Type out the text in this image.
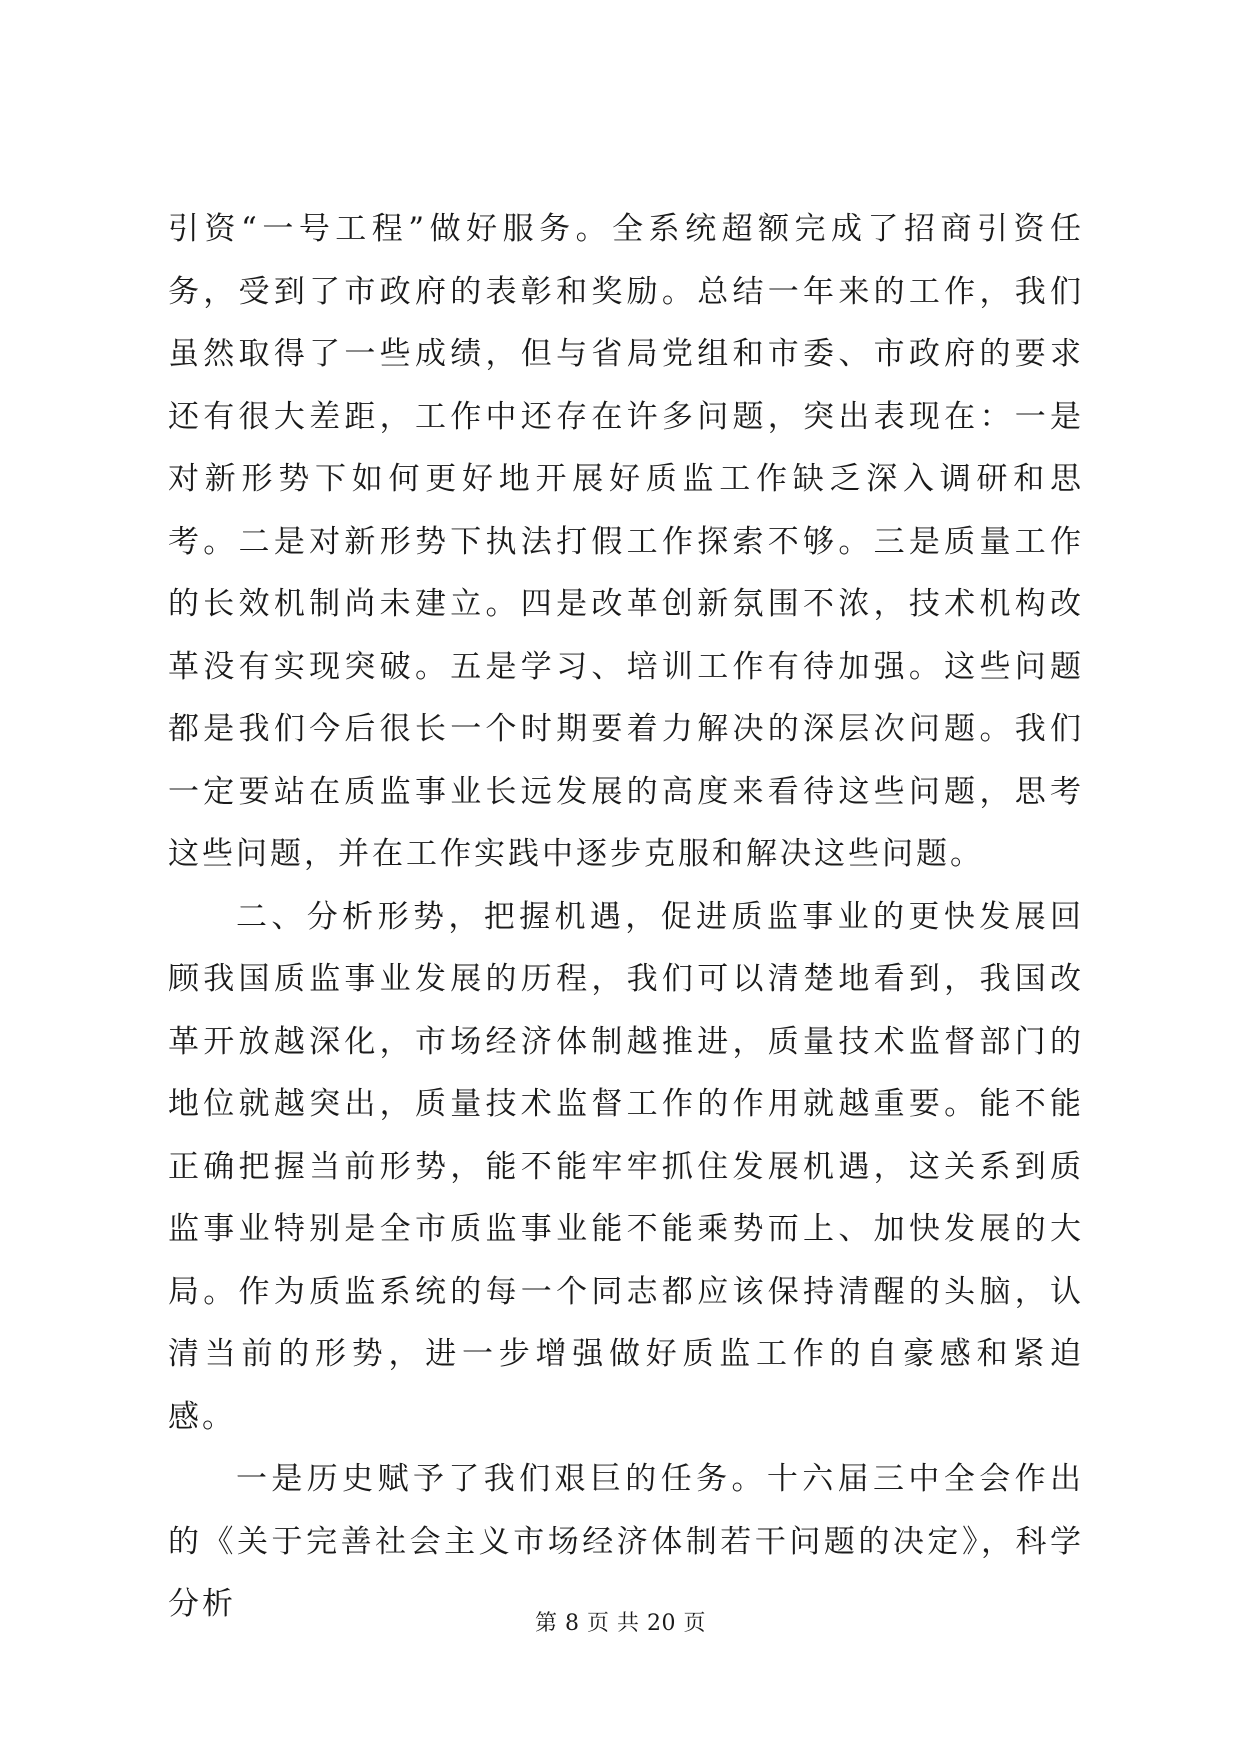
引资“一号工程”做好服务。全系统超额完成了招商引资任务，受到了市政府的表彰和奖励。总结一年来的工作，我们虽然取得了一些成绩，但与省局党组和市委、市政府的要求还有很大差距，工作中还存在许多问题，突出表现在：一是对新形势下如何更好地开展好质监工作缺乏深入调研和思考。二是对新形势下执法打假工作探索不够。三是质量工作的长效机制尚未建立。四是改革创新氛围不浓，技术机构改革没有实现突破。五是学习、培训工作有待加强。这些问题都是我们今后很长一个时期要着力解决的深层次问题。我们一定要站在质监事业长远发展的高度来看待这些问题，思考这些问题，并在工作实践中逐步克服和解决这些问题。

二、分析形势，把握机遇，促进质监事业的更快发展回顾我国质监事业发展的历程，我们可以清楚地看到，我国改革开放越深化，市场经济体制越推进，质量技术监督部门的地位就越突出，质量技术监督工作的作用就越重要。能不能正确把握当前形势，能不能牢牢抓住发展机遇，这关系到质监事业特别是全市质监事业能不能乘势而上、加快发展的大局。作为质监系统的每一个同志都应该保持清醒的头脑，认清当前的形势，进一步增强做好质监工作的自豪感和紧迫感。

一是历史赋予了我们艰巨的任务。十六届三中全会作出的《关于完善社会主义市场经济体制若干问题的决定》，科学分析

第 8 页 共 20 页
